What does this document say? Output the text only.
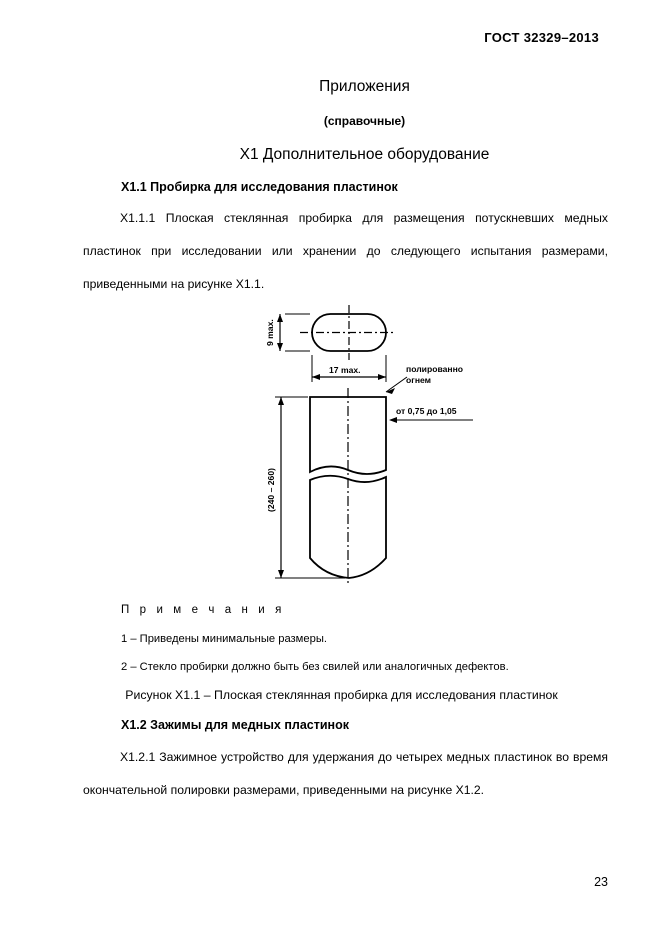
ГОСТ 32329–2013
Приложения
(справочные)
Х1 Дополнительное оборудование
Х1.1 Пробирка для исследования пластинок
Х1.1.1 Плоская стеклянная пробирка для размещения потускневших медных пластинок при исследовании или хранении до следующего испытания размерами, приведенными на рисунке Х1.1.
9 max.
17 max.	полированно
огнем
от 0,75 до 1,05
(240 – 260)
П р и м е ч а н и я
1 – Приведены минимальные размеры.
2 – Стекло пробирки должно быть без свилей или аналогичных дефектов.
Рисунок Х1.1 – Плоская стеклянная пробирка для исследования пластинок
Х1.2 Зажимы для медных пластинок
Х1.2.1 Зажимное устройство для удержания до четырех медных пластинок во время окончательной полировки размерами, приведенными на рисунке Х1.2.
23
